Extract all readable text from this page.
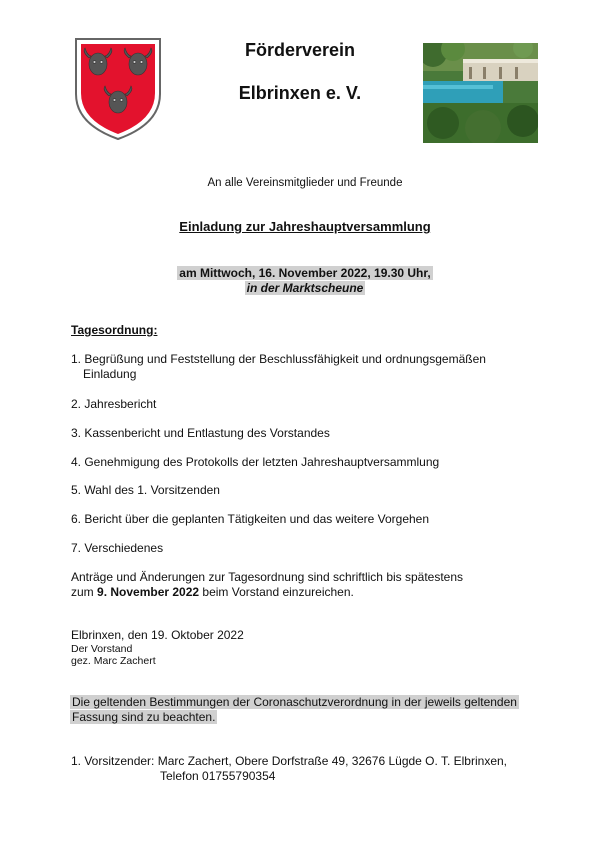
Förderverein
Elbrinxen e. V.
An alle Vereinsmitglieder und Freunde
Einladung zur Jahreshauptversammlung
am Mittwoch, 16. November 2022, 19.30 Uhr,
in der Marktscheune
Tagesordnung:
1. Begrüßung und Feststellung der Beschlussfähigkeit und ordnungsgemäßen
Einladung
2. Jahresbericht
3. Kassenbericht und Entlastung des Vorstandes
4. Genehmigung des Protokolls der letzten Jahreshauptversammlung
5. Wahl des 1. Vorsitzenden
6. Bericht über die geplanten Tätigkeiten und das weitere Vorgehen
7. Verschiedenes
Anträge und Änderungen zur Tagesordnung sind schriftlich bis spätestens
zum 9. November 2022 beim Vorstand einzureichen.
Elbrinxen, den 19. Oktober 2022
Der Vorstand
gez. Marc Zachert
Die geltenden Bestimmungen der Coronaschutzverordnung in der jeweils geltenden
Fassung sind zu beachten.
1. Vorsitzender: Marc Zachert, Obere Dorfstraße 49, 32676 Lügde O. T. Elbrinxen,
Telefon 01755790354
